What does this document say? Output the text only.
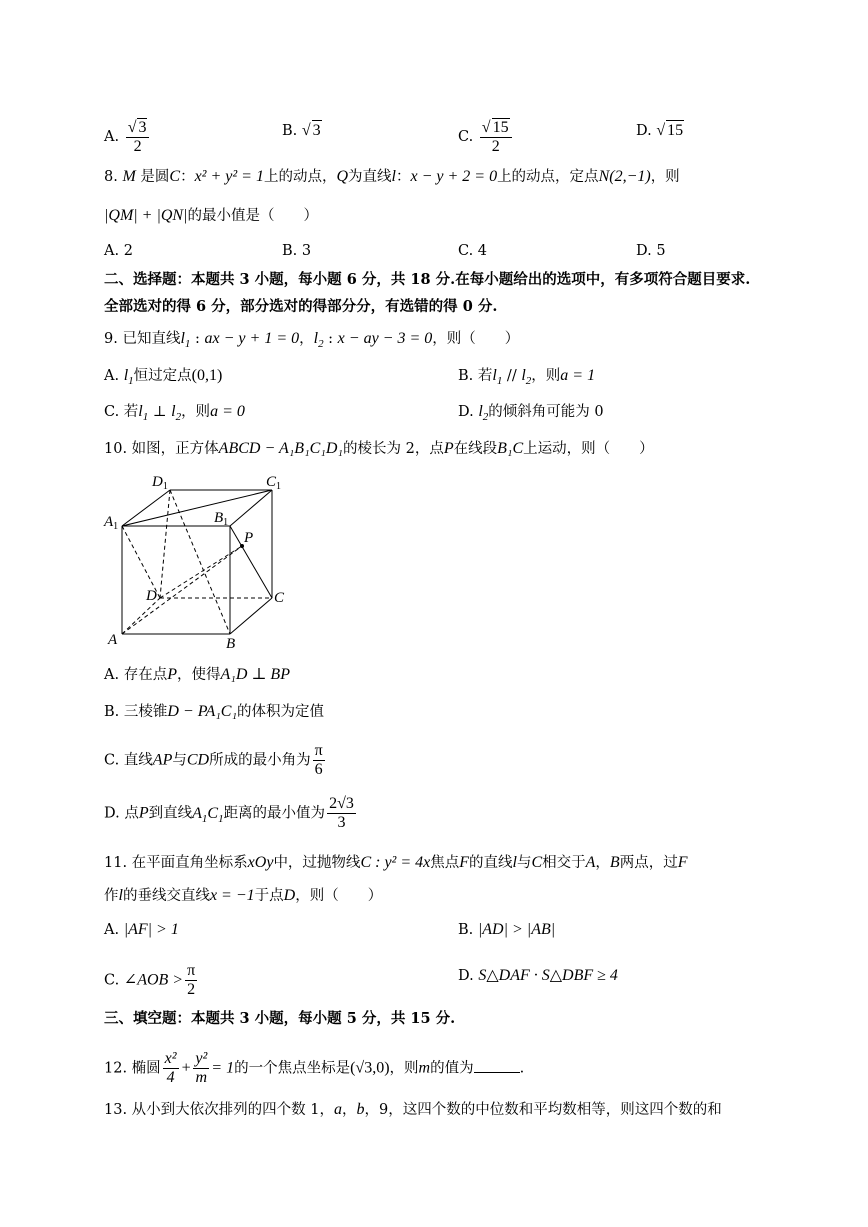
A. $\frac{√ 3}{2}$	B. √ 3	C. $\frac{√ 15}{2}$	D. √ 15
8. M 是圆C：x² + y² = 1上的动点，Q为直线l：x − y + 2 = 0上的动点，定点N(2,−1)，则
|QM| + |QN|的最小值是（　　）
A. 2	B. 3	C. 4	D. 5
二、选择题：本题共 3 小题，每小题 6 分，共 18 分.在每小题给出的选项中，有多项符合题目要求.
全部选对的得 6 分，部分选对的得部分分，有选错的得 0 分.
9. 已知直线$l_1$ : ax − y + 1 = 0，$l_2$ : x − ay − 3 = 0，则（　　）
A. $l_1$恒过定点(0,1)	B. 若$l_1 // l_2$，则a = 1
C. 若$l_1$ ⊥ $l_2$，则a = 0	D. $l_2$的倾斜角可能为 0
10. 如图，正方体ABCD − A₁B₁C₁D₁的棱长为 2，点P在线段B₁C上运动，则（　　）
$D_1$	$C_1$
$A_1$
$B_1$
P
D	C
A	B
A. 存在点P，使得A₁D ⊥ BP
B. 三棱锥D − PA₁C₁的体积为定值
C. 直线AP与CD所成的最小角为 $\frac{\pi}{6}$
D. 点P到直线$A_1C_1$距离的最小值为 $\frac{2√3}{3}$
11. 在平面直角坐标系xOy中，过抛物线C : y² = 4x焦点F的直线l与C相交于A，B两点，过F
作l的垂线交直线x = −1于点D，则（　　）
A. |AF| > 1	B. |AD| > |AB|
C. ∠AOB > $\frac{\pi}{2}$	D. S△DAF · S△DBF ≥ 4
三、填空题：本题共 3 小题，每小题 5 分，共 15 分.
12. 椭圆 $\frac{\text{x²}}{4} + \frac{\text{y²}}{m} = 1$的一个焦点坐标是(√3,0)，则m的值为	.
13. 从小到大依次排列的四个数 1，a，b，9，这四个数的中位数和平均数相等，则这四个数的和
